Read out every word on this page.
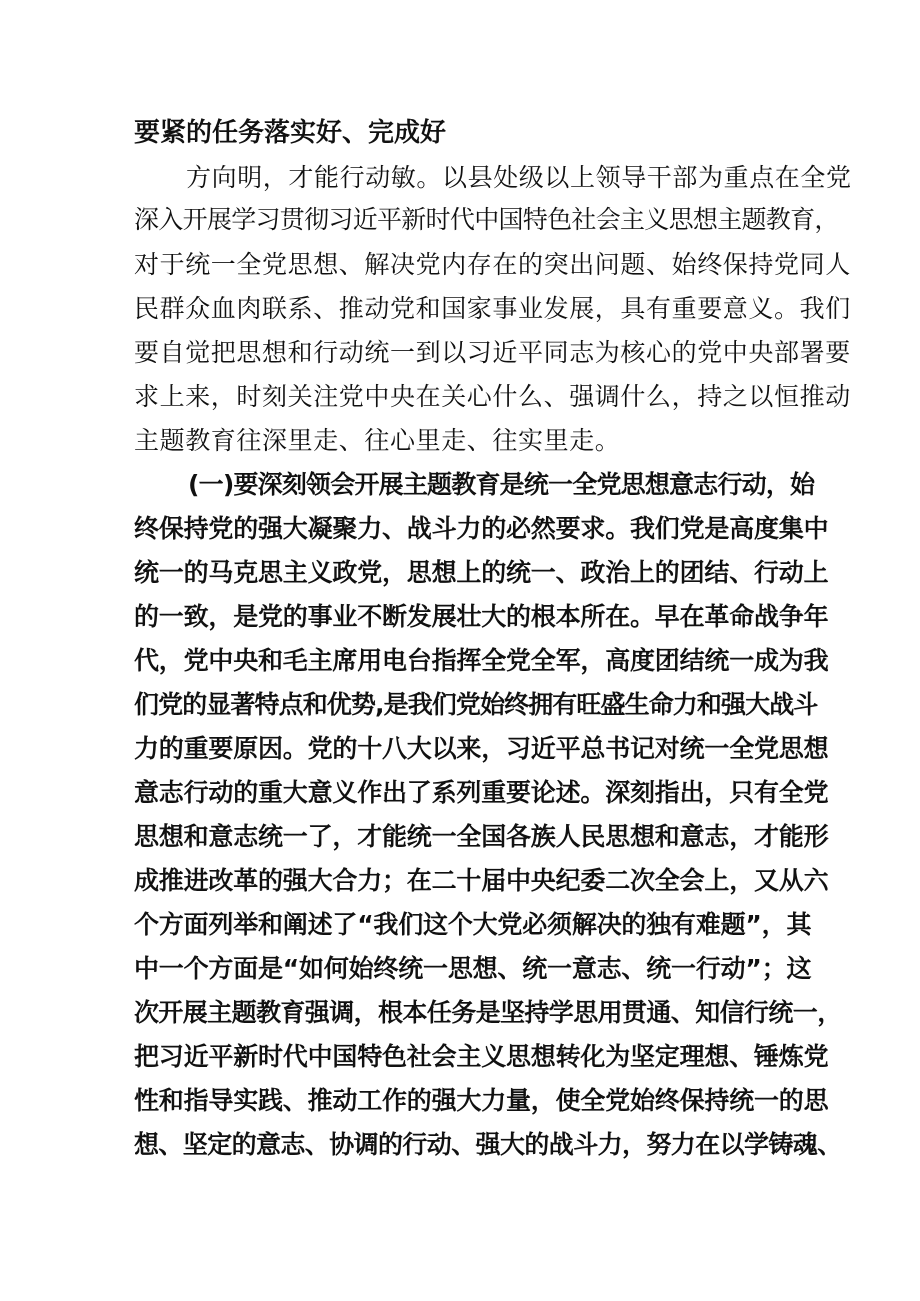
要紧的任务落实好、完成好
方向明，才能行动敏。以县处级以上领导干部为重点在全党
深入开展学习贯彻习近平新时代中国特色社会主义思想主题教育，
对于统一全党思想、解决党内存在的突出问题、始终保持党同人
民群众血肉联系、推动党和国家事业发展，具有重要意义。我们
要自觉把思想和行动统一到以习近平同志为核心的党中央部署要
求上来，时刻关注党中央在关心什么、强调什么，持之以恒推动
主题教育往深里走、往心里走、往实里走。
(一)要深刻领会开展主题教育是统一全党思想意志行动，始
终保持党的强大凝聚力、战斗力的必然要求。我们党是高度集中
统一的马克思主义政党，思想上的统一、政治上的团结、行动上
的一致，是党的事业不断发展壮大的根本所在。早在革命战争年
代，党中央和毛主席用电台指挥全党全军，高度团结统一成为我
们党的显著特点和优势,是我们党始终拥有旺盛生命力和强大战斗
力的重要原因。党的十八大以来，习近平总书记对统一全党思想
意志行动的重大意义作出了系列重要论述。深刻指出，只有全党
思想和意志统一了，才能统一全国各族人民思想和意志，才能形
成推进改革的强大合力；在二十届中央纪委二次全会上，又从六
个方面列举和阐述了“我们这个大党必须解决的独有难题”，其
中一个方面是“如何始终统一思想、统一意志、统一行动”；这
次开展主题教育强调，根本任务是坚持学思用贯通、知信行统一，
把习近平新时代中国特色社会主义思想转化为坚定理想、锤炼党
性和指导实践、推动工作的强大力量，使全党始终保持统一的思
想、坚定的意志、协调的行动、强大的战斗力，努力在以学铸魂、
